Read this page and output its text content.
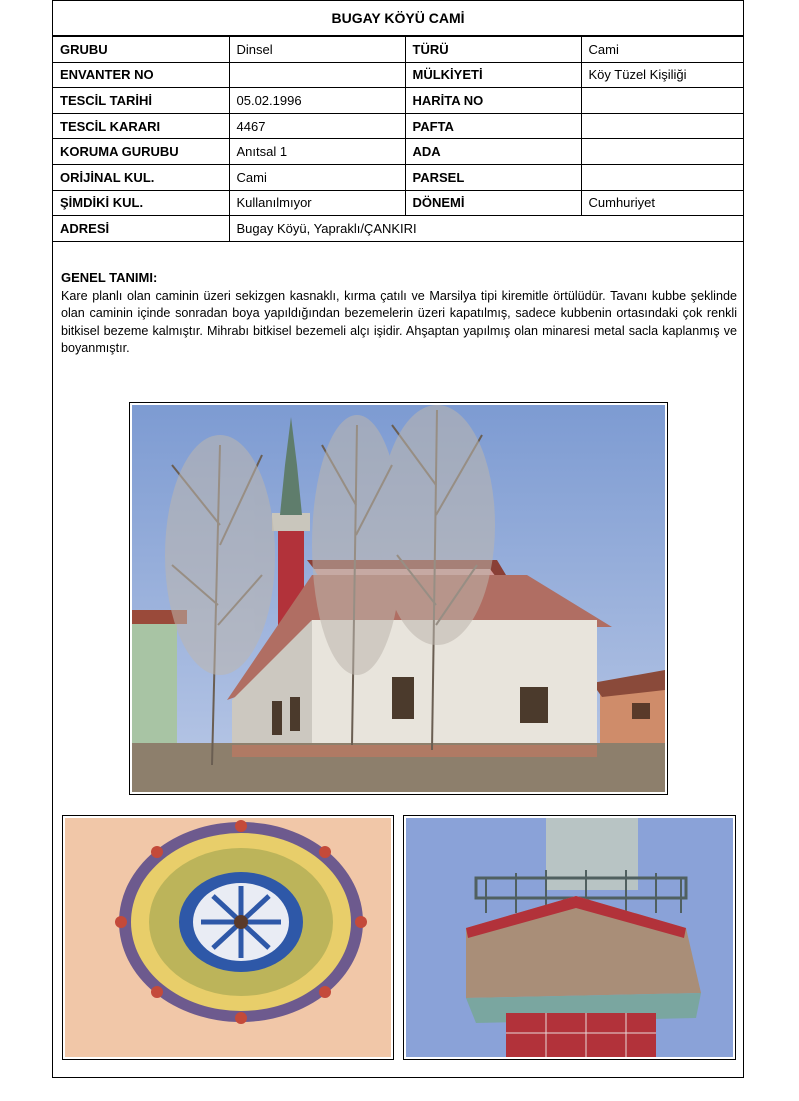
BUGAY KÖYÜ CAMİ
GRUBU	Dinsel	TÜRÜ	Cami
ENVANTER NO		MÜLKİYETİ	Köy Tüzel Kişiliği
TESCİL TARİHİ	05.02.1996	HARİTA NO	
TESCİL KARARI	4467	PAFTA	
KORUMA GURUBU	Anıtsal 1	ADA	
ORİJİNAL KUL.	Cami	PARSEL	
ŞİMDİKİ KUL.	Kullanılmıyor	DÖNEMİ	Cumhuriyet
ADRESİ	Bugay Köyü, Yapraklı/ÇANKIRI		
GENEL TANIMI:
Kare planlı olan caminin üzeri sekizgen kasnaklı, kırma çatılı ve Marsilya tipi kiremitle örtülüdür. Tavanı kubbe şeklinde olan caminin içinde sonradan boya yapıldığından bezemelerin üzeri kapatılmış, sadece kubbenin ortasındaki çok renkli bitkisel bezeme kalmıştır. Mihrabı bitkisel bezemeli alçı işidir. Ahşaptan yapılmış olan minaresi metal sacla kaplanmış ve boyanmıştır.
